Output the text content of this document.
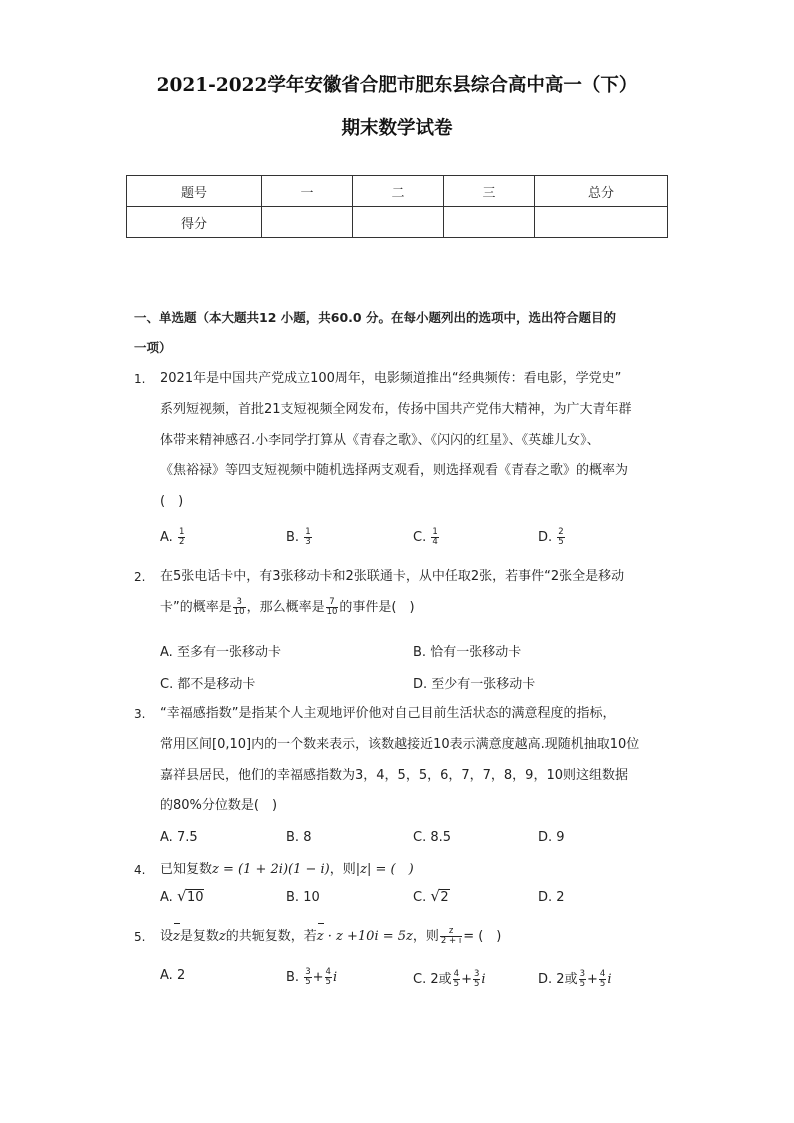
2021-2022学年安徽省合肥市肥东县综合高中高一（下）
期末数学试卷
题号	一	二	三	总分
得分				
一、单选题（本大题共12 小题，共60.0 分。在每小题列出的选项中，选出符合题目的
一项）
1.	2021年是中国共产党成立100周年，电影频道推出“经典频传：看电影，学党史”
系列短视频，首批21支短视频全网发布，传扬中国共产党伟大精神，为广大青年群
体带来精神感召.小李同学打算从《青春之歌》、《闪闪的红星》、《英雄儿女》、
《焦裕禄》等四支短视频中随机选择两支观看，则选择观看《青春之歌》的概率为
(　)
A. $\frac{1}{2}$	B. $\frac{1}{3}$	C. $\frac{1}{4}$	D. $\frac{2}{5}$
2.	在5张电话卡中，有3张移动卡和2张联通卡，从中任取2张，若事件“2张全是移动
卡”的概率是 $\frac{3}{10}$ ，那么概率是 $\frac{7}{10}$ 的事件是(　)
A. 至多有一张移动卡	B. 恰有一张移动卡
C. 都不是移动卡	D. 至少有一张移动卡
3.	“幸福感指数”是指某个人主观地评价他对自己目前生活状态的满意程度的指标，
常用区间[0,10]内的一个数来表示，该数越接近10表示满意度越高.现随机抽取10位
嘉祥县居民，他们的幸福感指数为3，4，5，5，6，7，7，8，9，10则这组数据
的80%分位数是(　)
A. 7.5	B. 8	C. 8.5	D. 9
4.	已知复数z = (1 + 2i)(1 − i)，则|z| = (　)
A. √ 10	B. 10	C. √ 2	D. 2
5.	设z是复数z的共轭复数，若z · z +10i = 5z，则 $\frac{z}{2 + i}$ = (　)
A. 2	B. $\frac{3}{5} + \frac{4}{5}$ i	C. 2或 $\frac{4}{5} + \frac{3}{5}$ i	D. 2或 $\frac{3}{5} + \frac{4}{5}$ i
